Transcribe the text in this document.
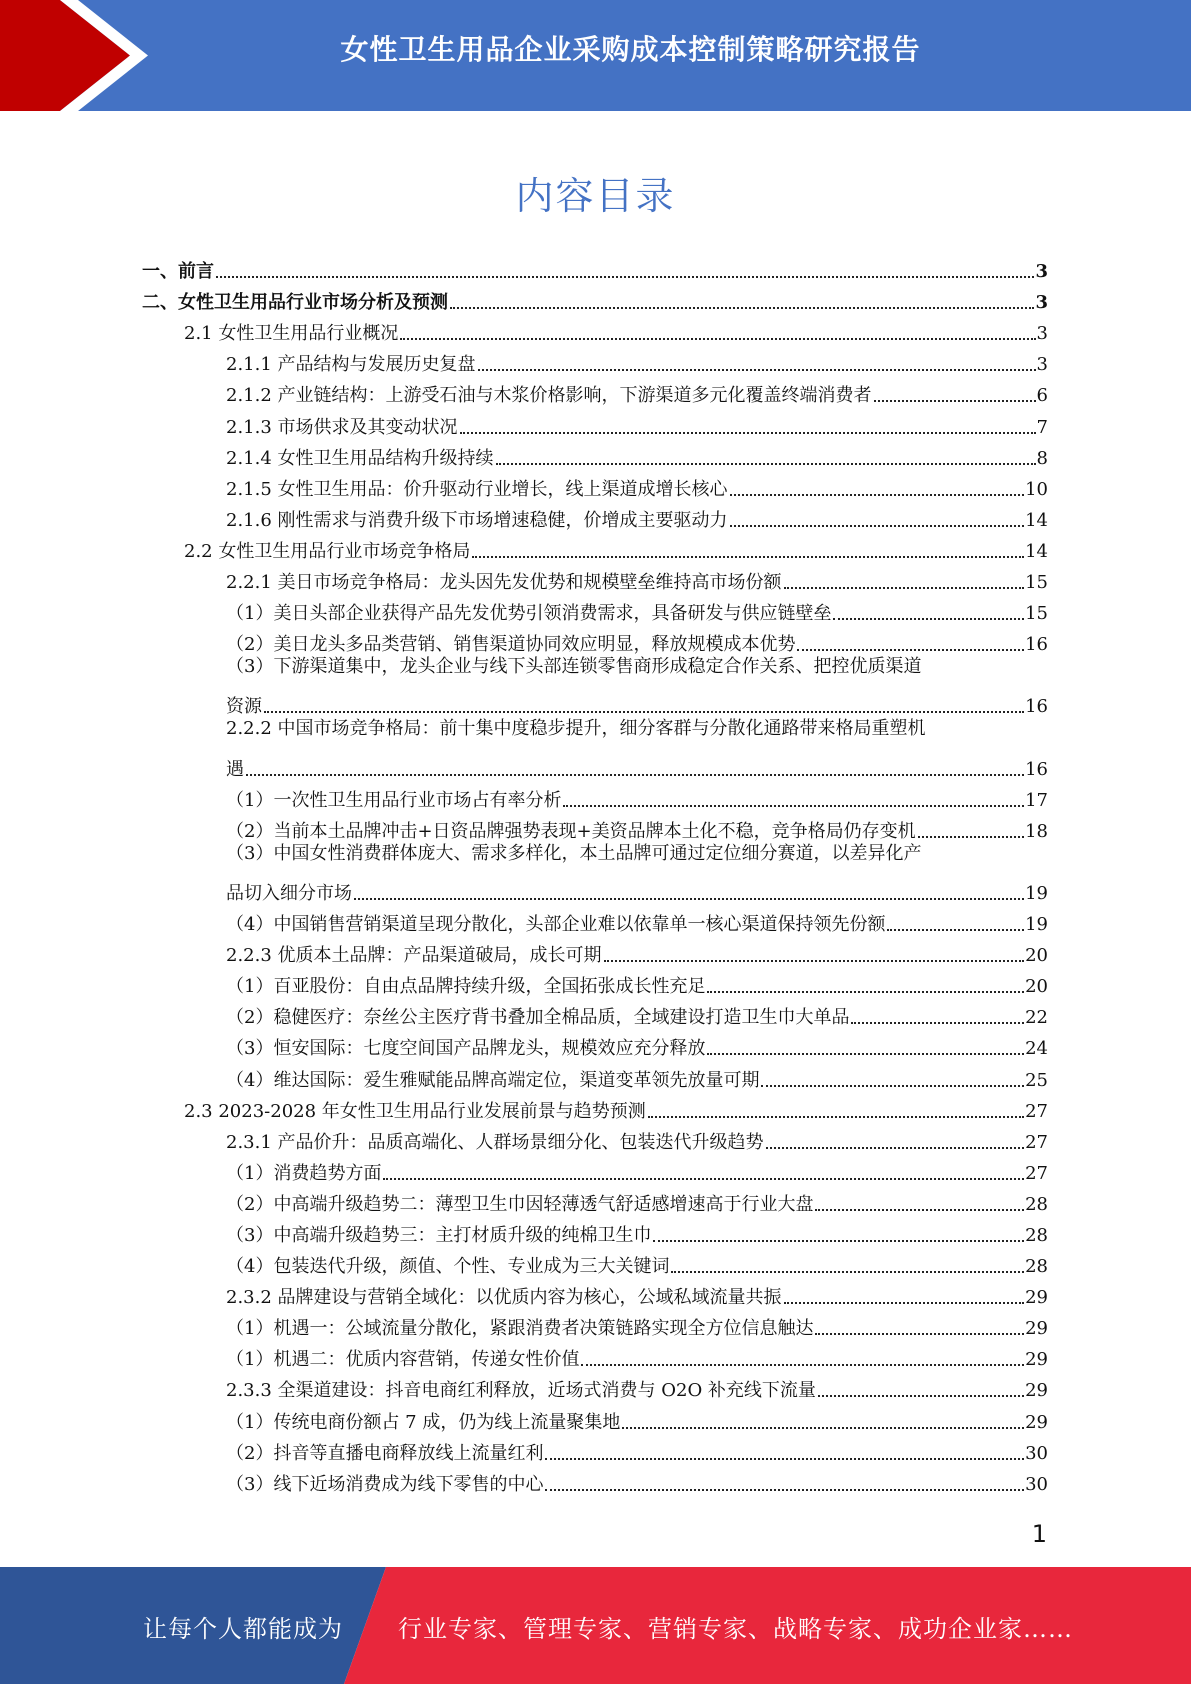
女性卫生用品企业采购成本控制策略研究报告
内容目录
一、前言	3
二、女性卫生用品行业市场分析及预测	3
2.1 女性卫生用品行业概况	3
2.1.1 产品结构与发展历史复盘	3
2.1.2 产业链结构：上游受石油与木浆价格影响，下游渠道多元化覆盖终端消费者	6
2.1.3 市场供求及其变动状况	7
2.1.4 女性卫生用品结构升级持续	8
2.1.5 女性卫生用品：价升驱动行业增长，线上渠道成增长核心	10
2.1.6 刚性需求与消费升级下市场增速稳健，价增成主要驱动力	14
2.2 女性卫生用品行业市场竞争格局	14
2.2.1 美日市场竞争格局：龙头因先发优势和规模壁垒维持高市场份额	15
（1）美日头部企业获得产品先发优势引领消费需求，具备研发与供应链壁垒	15
（2）美日龙头多品类营销、销售渠道协同效应明显，释放规模成本优势	16
（3）下游渠道集中，龙头企业与线下头部连锁零售商形成稳定合作关系、把控优质渠道
资源	16
2.2.2 中国市场竞争格局：前十集中度稳步提升，细分客群与分散化通路带来格局重塑机
遇	16
（1）一次性卫生用品行业市场占有率分析	17
（2）当前本土品牌冲击+日资品牌强势表现+美资品牌本土化不稳，竞争格局仍存变机	18
（3）中国女性消费群体庞大、需求多样化，本土品牌可通过定位细分赛道，以差异化产
品切入细分市场	19
（4）中国销售营销渠道呈现分散化，头部企业难以依靠单一核心渠道保持领先份额	19
2.2.3 优质本土品牌：产品渠道破局，成长可期	20
（1）百亚股份：自由点品牌持续升级，全国拓张成长性充足	20
（2）稳健医疗：奈丝公主医疗背书叠加全棉品质，全域建设打造卫生巾大单品	22
（3）恒安国际：七度空间国产品牌龙头，规模效应充分释放	24
（4）维达国际：爱生雅赋能品牌高端定位，渠道变革领先放量可期	25
2.3 2023-2028 年女性卫生用品行业发展前景与趋势预测	27
2.3.1 产品价升：品质高端化、人群场景细分化、包装迭代升级趋势	27
（1）消费趋势方面	27
（2）中高端升级趋势二：薄型卫生巾因轻薄透气舒适感增速高于行业大盘	28
（3）中高端升级趋势三：主打材质升级的纯棉卫生巾	28
（4）包装迭代升级，颜值、个性、专业成为三大关键词	28
2.3.2 品牌建设与营销全域化：以优质内容为核心，公域私域流量共振	29
（1）机遇一：公域流量分散化，紧跟消费者决策链路实现全方位信息触达	29
（1）机遇二：优质内容营销，传递女性价值	29
2.3.3 全渠道建设：抖音电商红利释放，近场式消费与 O2O 补充线下流量	29
（1）传统电商份额占 7 成，仍为线上流量聚集地	29
（2）抖音等直播电商释放线上流量红利	30
（3）线下近场消费成为线下零售的中心	30
1
让每个人都能成为 行业专家、管理专家、营销专家、战略专家、成功企业家……
